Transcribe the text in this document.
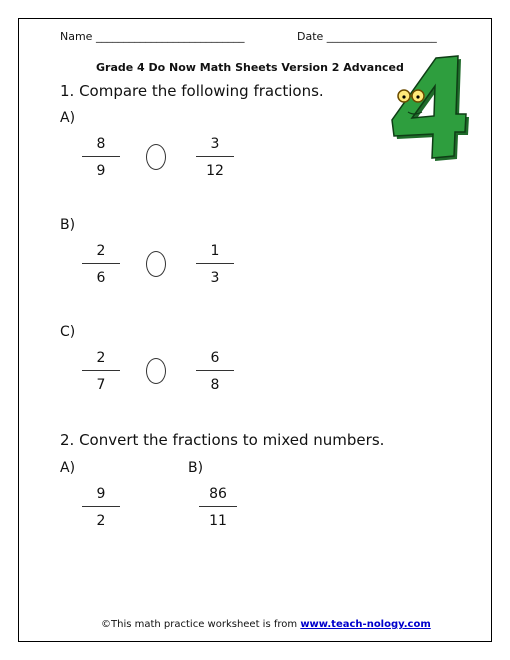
Name ___________________________	Date ____________________
Grade 4 Do Now Math Sheets Version 2 Advanced
1. Compare the following fractions.
A)
8
9
3
12
B)
2
6
1
3
C)
2
7
6
8
2. Convert the fractions to mixed numbers.
A)
9
2
B)
86
11
©This math practice worksheet is from www.teach-nology.com
